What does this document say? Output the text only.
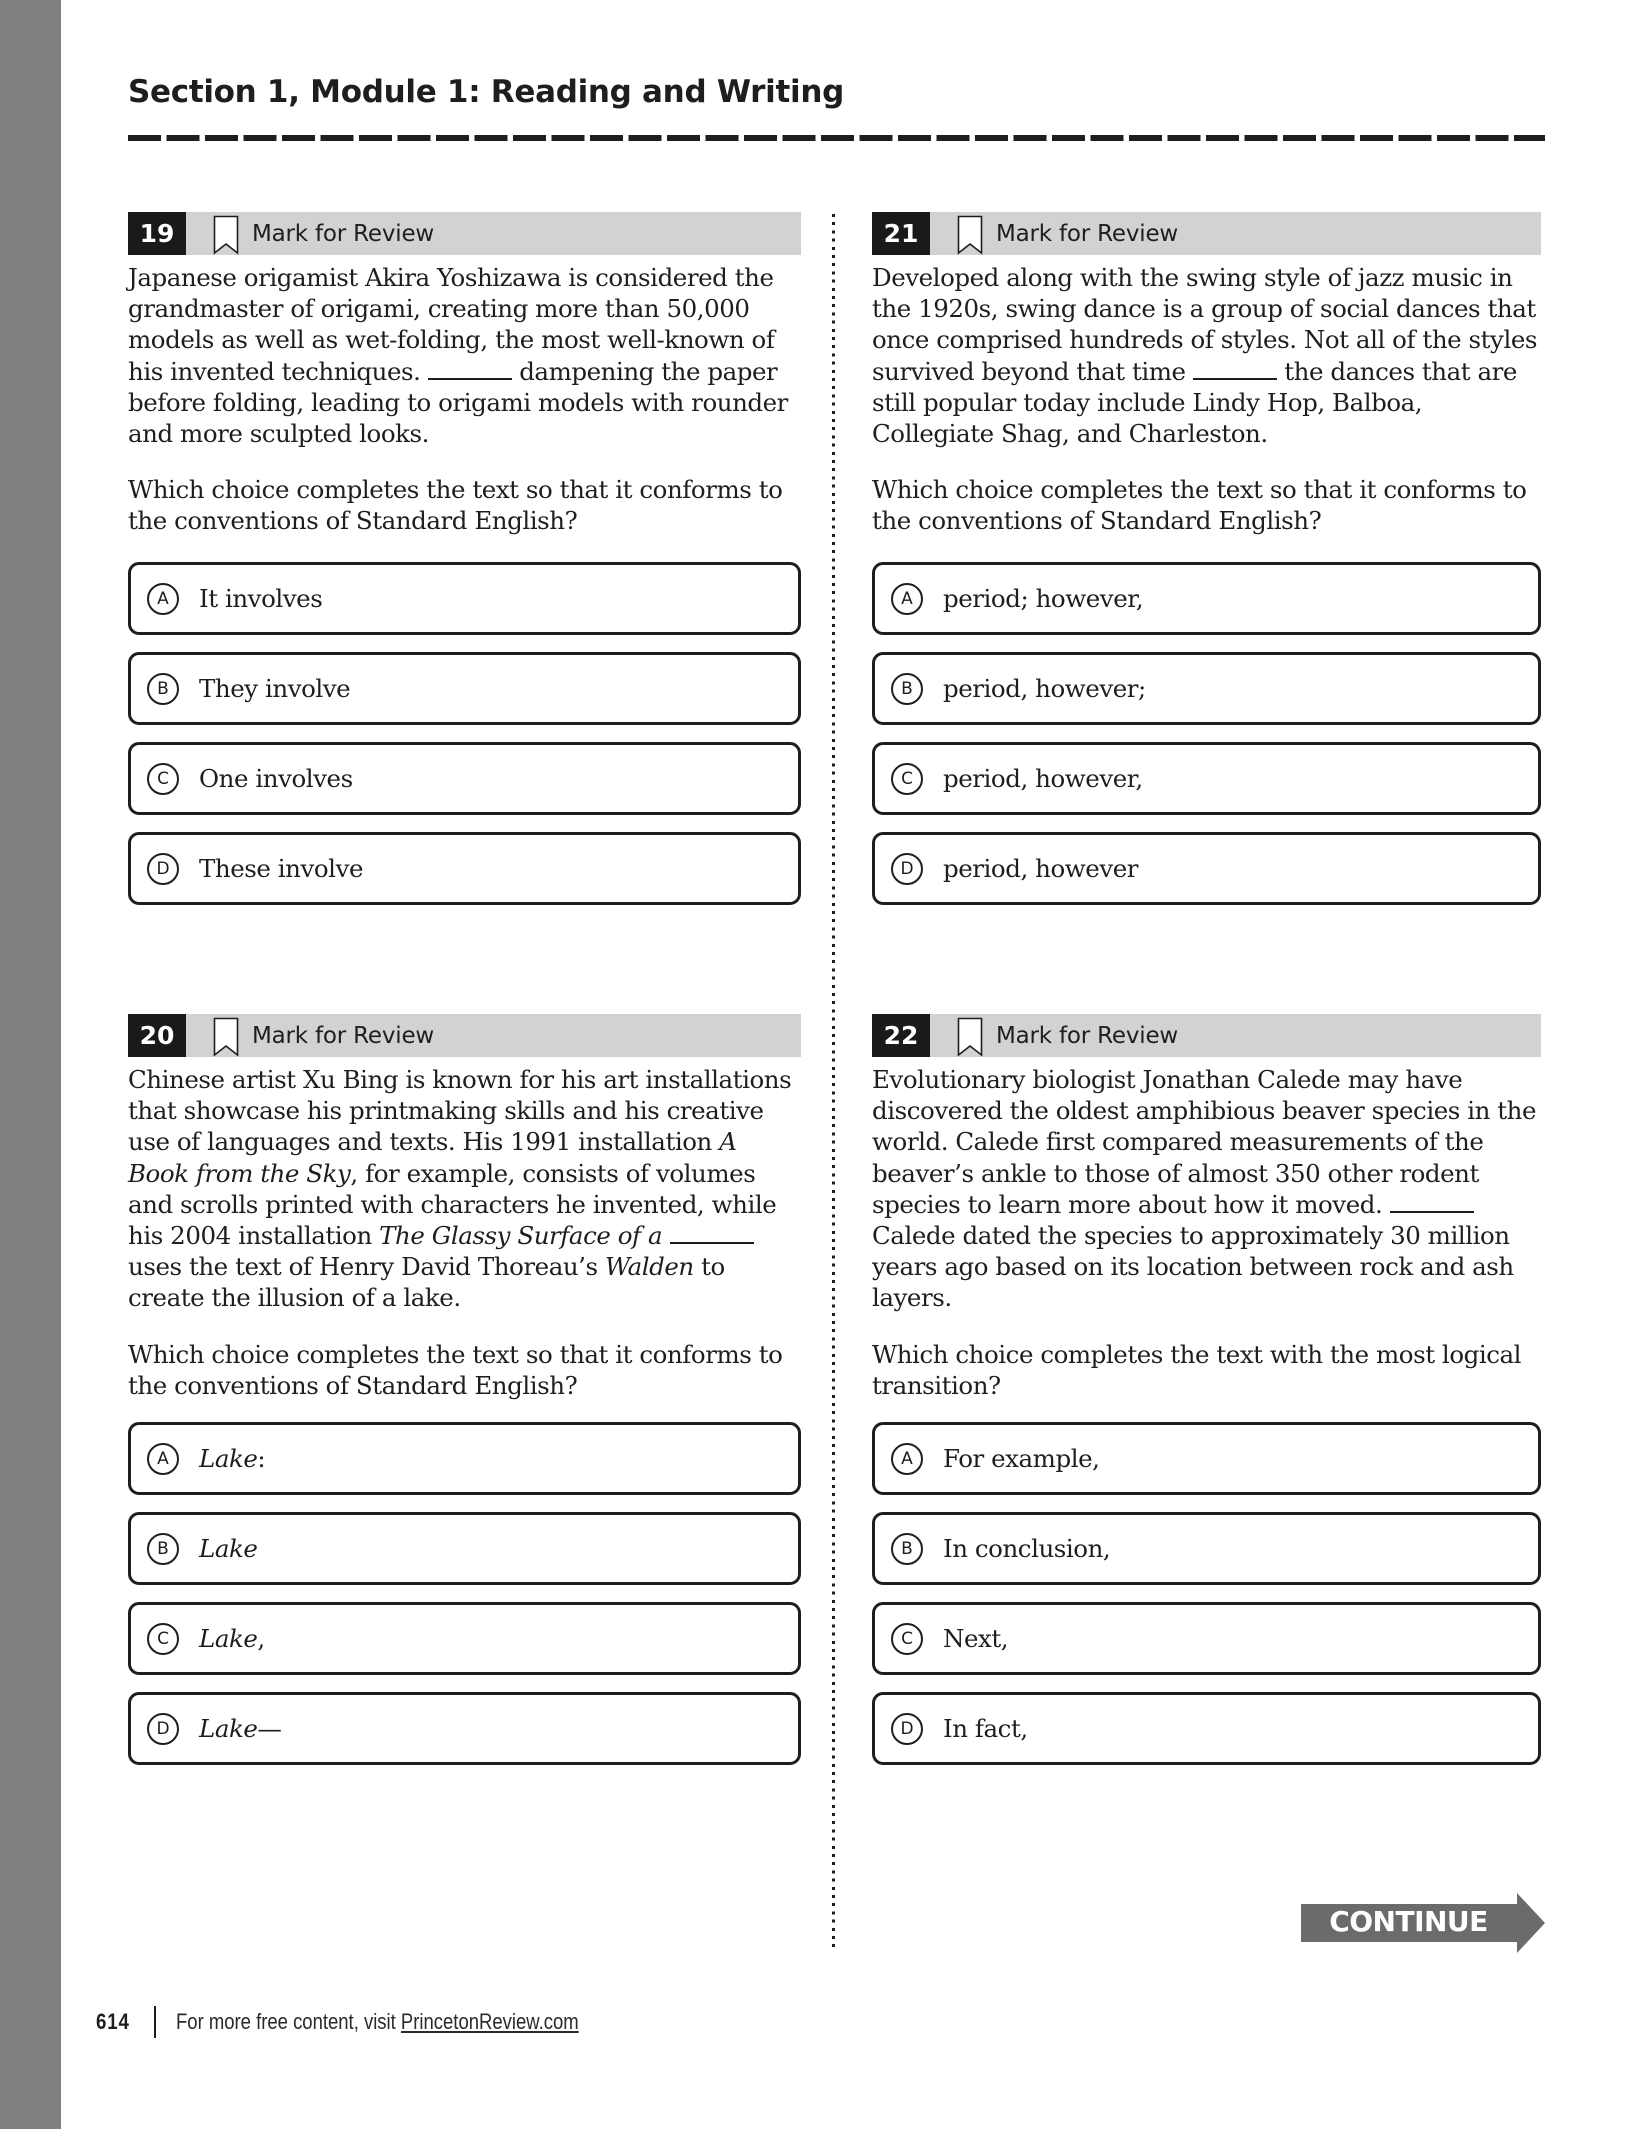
Section 1, Module 1: Reading and Writing
19	Mark for Review
Japanese origamist Akira Yoshizawa is considered the grandmaster of origami, creating more than 50,000 models as well as wet-folding, the most well-known of his invented techniques.	dampening the paper before folding, leading to origami models with rounder and more sculpted looks.
Which choice completes the text so that it conforms to the conventions of Standard English?
A	It involves
B	They involve
C	One involves
D	These involve
20	Mark for Review
Chinese artist Xu Bing is known for his art installations that showcase his printmaking skills and his creative use of languages and texts. His 1991 installation A Book from the Sky, for example, consists of volumes and scrolls printed with characters he invented, while his 2004 installation The Glassy Surface of a  uses the text of Henry David Thoreau’s Walden to create the illusion of a lake.
Which choice completes the text so that it conforms to the conventions of Standard English?
A	Lake:
B	Lake
C	Lake,
D	Lake—
21	Mark for Review
Developed along with the swing style of jazz music in the 1920s, swing dance is a group of social dances that once comprised hundreds of styles. Not all of the styles survived beyond that time	the dances that are still popular today include Lindy Hop, Balboa, Collegiate Shag, and Charleston.
Which choice completes the text so that it conforms to the conventions of Standard English?
A	period; however,
B	period, however;
C	period, however,
D	period, however
22	Mark for Review
Evolutionary biologist Jonathan Calede may have discovered the oldest amphibious beaver species in the world. Calede first compared measurements of the beaver’s ankle to those of almost 350 other rodent species to learn more about how it moved.  Calede dated the species to approximately 30 million years ago based on its location between rock and ash layers.
Which choice completes the text with the most logical transition?
A	For example,
B	In conclusion,
C	Next,
D	In fact,
CONTINUE
614 For more free content, visit PrincetonReview.com
